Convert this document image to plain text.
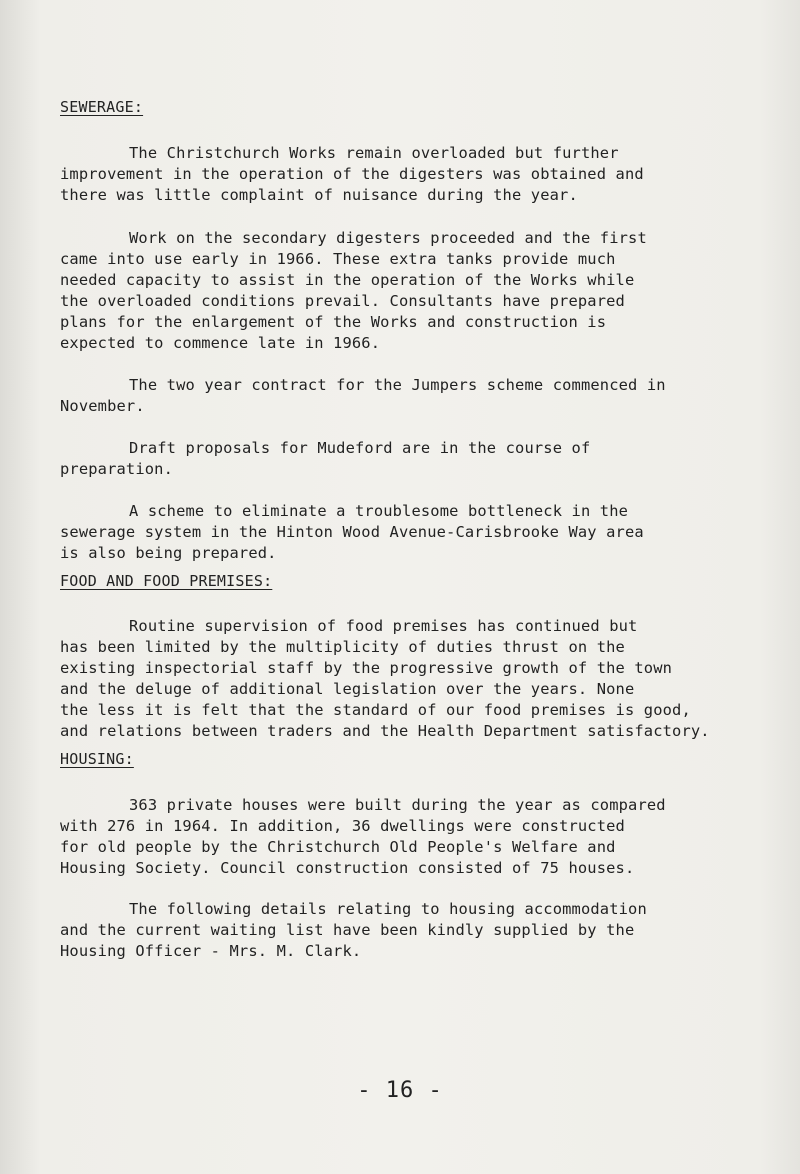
SEWERAGE:

The Christchurch Works remain overloaded but further
improvement in the operation of the digesters was obtained and
there was little complaint of nuisance during the year.

Work on the secondary digesters proceeded and the first
came into use early in 1966. These extra tanks provide much
needed capacity to assist in the operation of the Works while
the overloaded conditions prevail. Consultants have prepared
plans for the enlargement of the Works and construction is
expected to commence late in 1966.

The two year contract for the Jumpers scheme commenced in
November.

Draft proposals for Mudeford are in the course of
preparation.

A scheme to eliminate a troublesome bottleneck in the
sewerage system in the Hinton Wood Avenue-Carisbrooke Way area
is also being prepared.

FOOD AND FOOD PREMISES:

Routine supervision of food premises has continued but
has been limited by the multiplicity of duties thrust on the
existing inspectorial staff by the progressive growth of the town
and the deluge of additional legislation over the years. None
the less it is felt that the standard of our food premises is good,
and relations between traders and the Health Department satisfactory.

HOUSING:

363 private houses were built during the year as compared
with 276 in 1964. In addition, 36 dwellings were constructed
for old people by the Christchurch Old People's Welfare and
Housing Society. Council construction consisted of 75 houses.

The following details relating to housing accommodation
and the current waiting list have been kindly supplied by the
Housing Officer - Mrs. M. Clark.

- 16 -
